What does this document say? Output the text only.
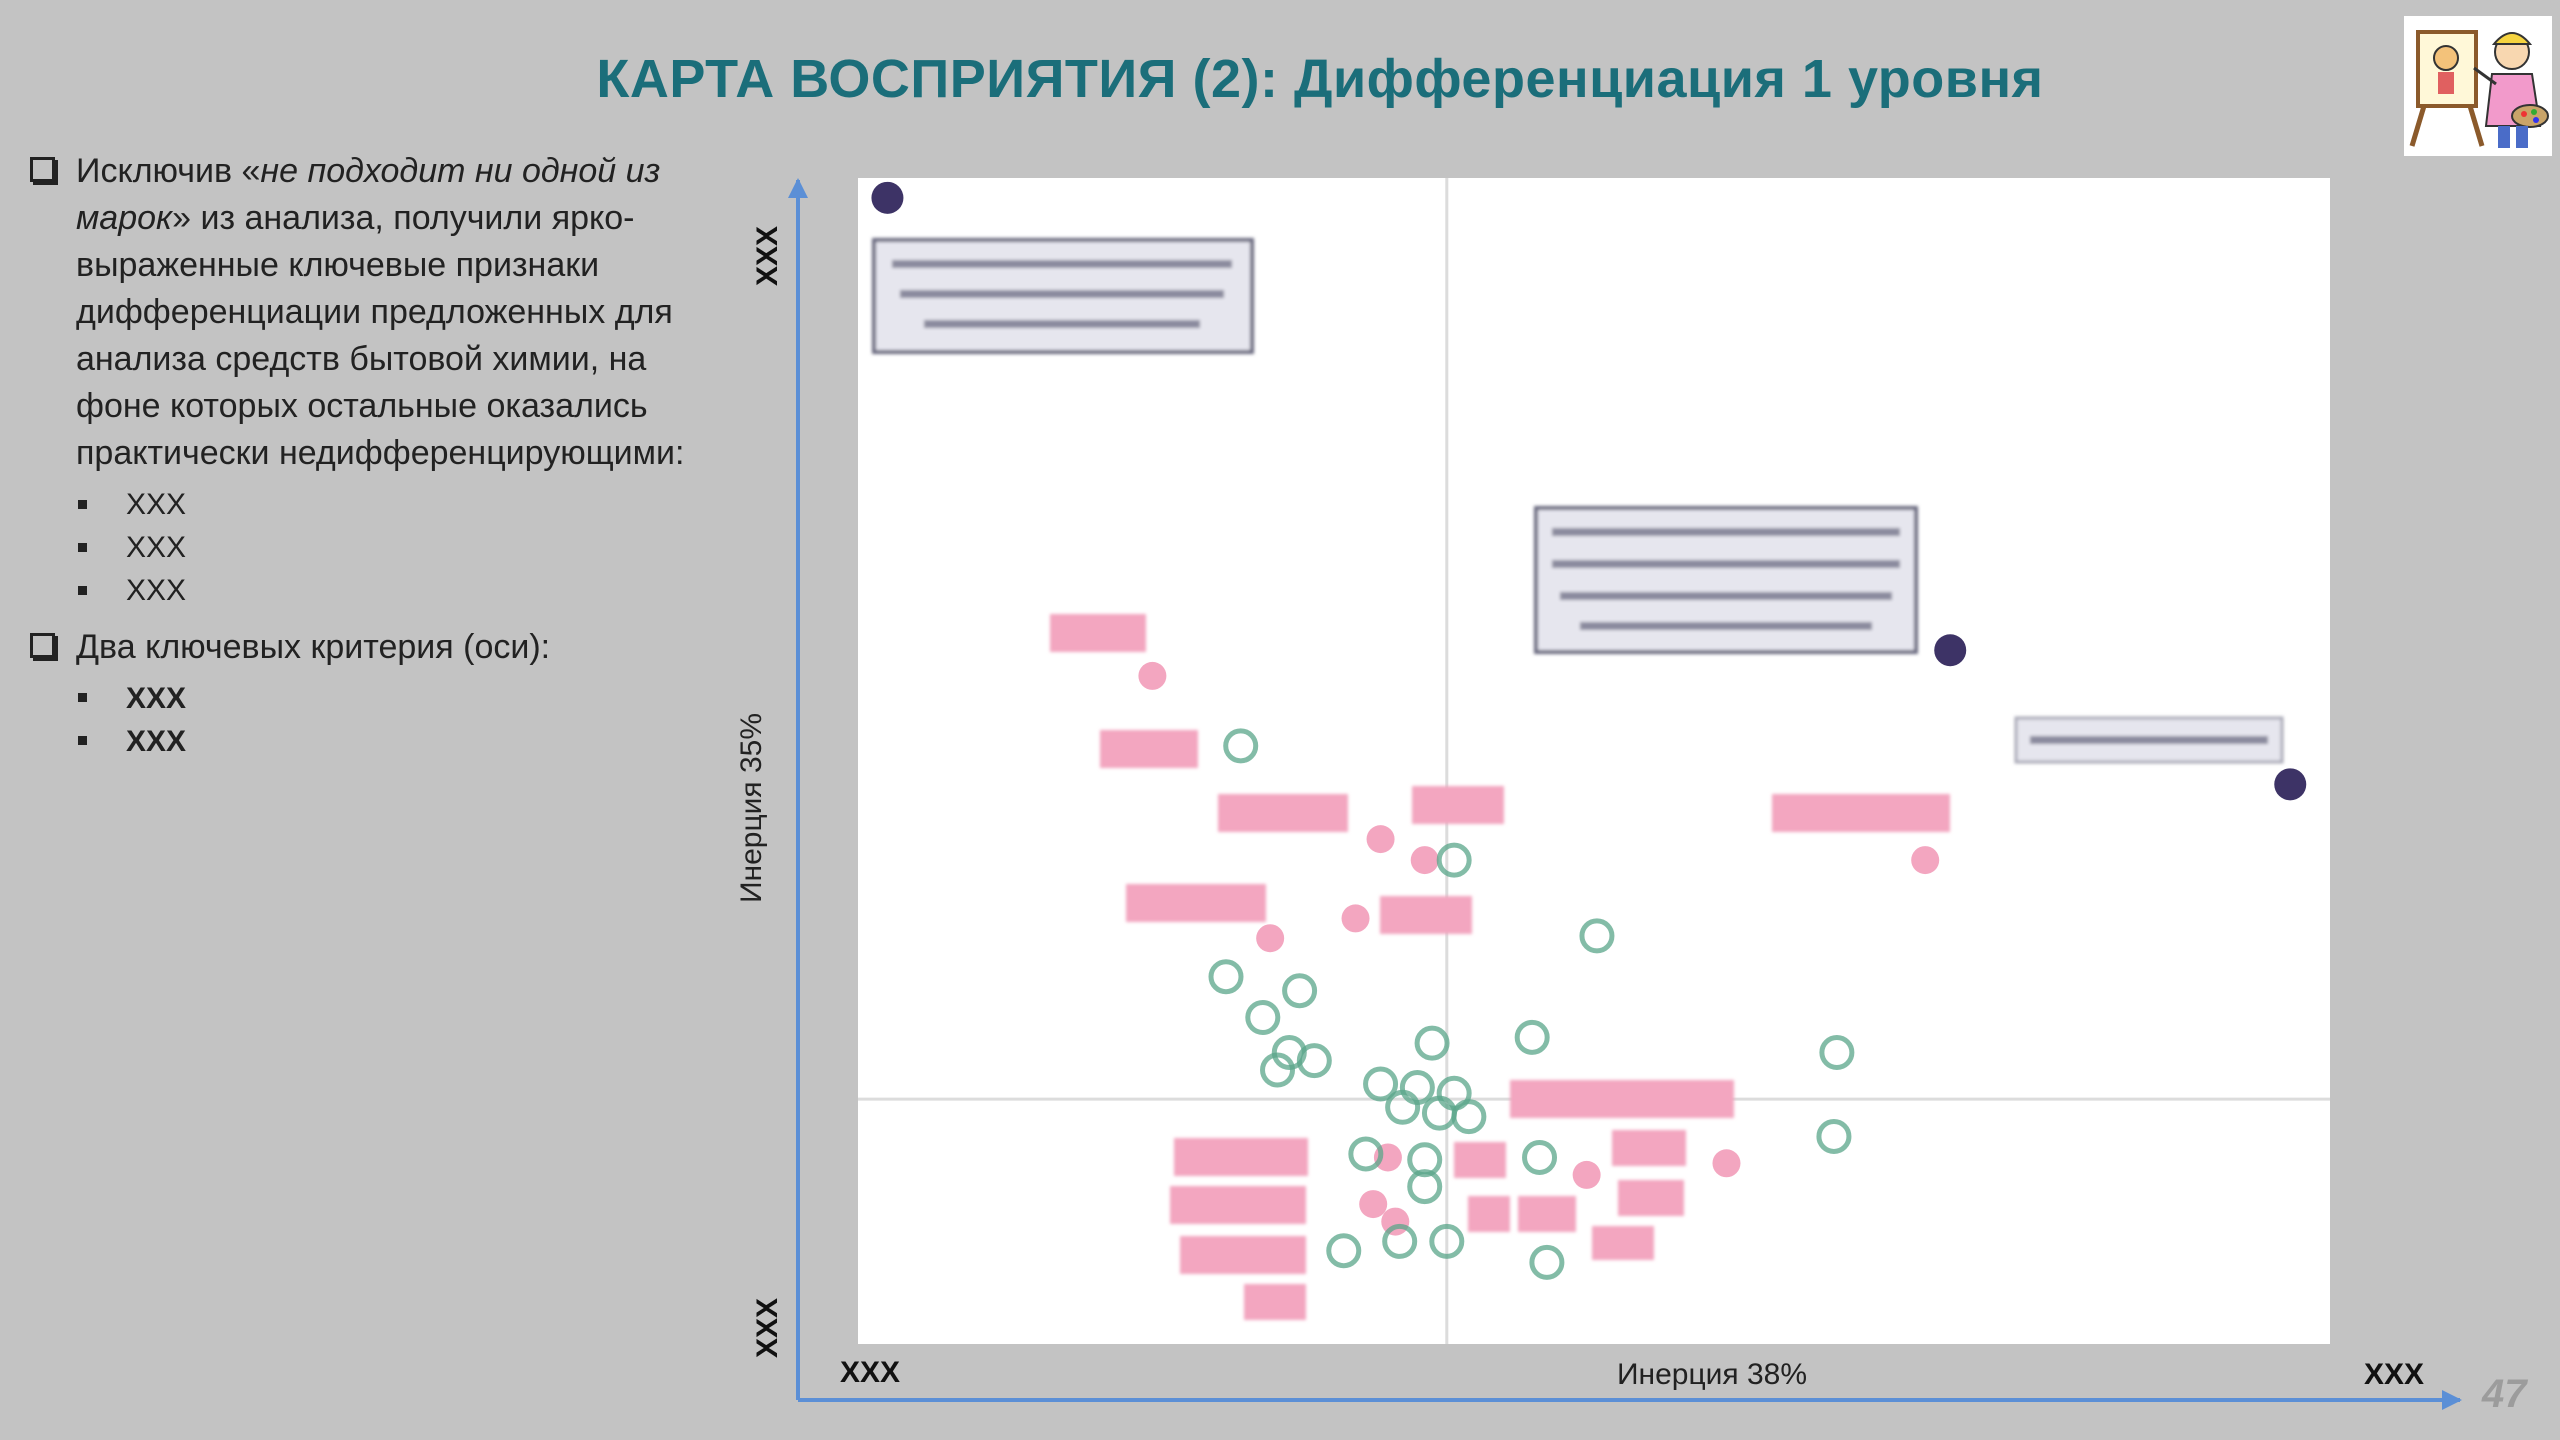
КАРТА ВОСПРИЯТИЯ (2): Дифференциация 1 уровня
Исключив «не подходит ни одной из марок» из анализа, получили ярко-выраженные ключевые признаки дифференциации предложенных для анализа средств бытовой химии, на фоне которых остальные оказались практически недифференцирующими:
XXX
XXX
XXX
Два ключевых критерия (оси):
XXX
XXX	Инерция 35%
XXX
XXX
XXX	Инерция 38%	XXX 47
